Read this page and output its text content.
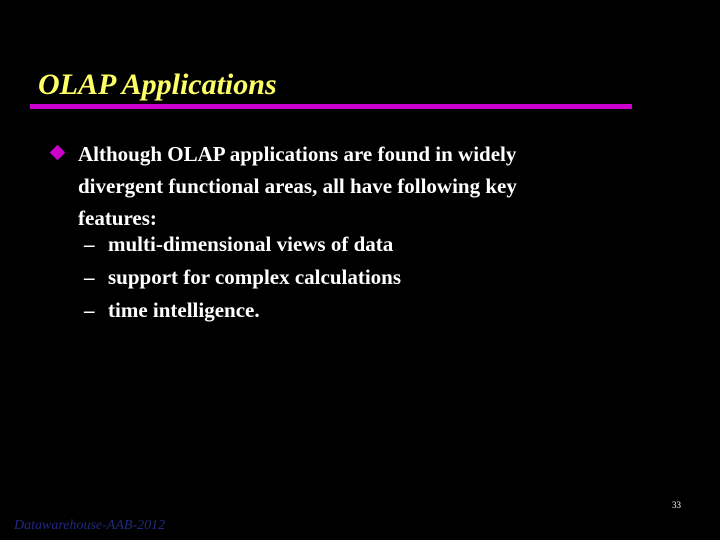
OLAP Applications
Although OLAP applications are found in widely
divergent functional areas, all have following key
features:
– multi-dimensional views of data
– support for complex calculations
– time intelligence.
33
Datawarehouse-AAB-2012
